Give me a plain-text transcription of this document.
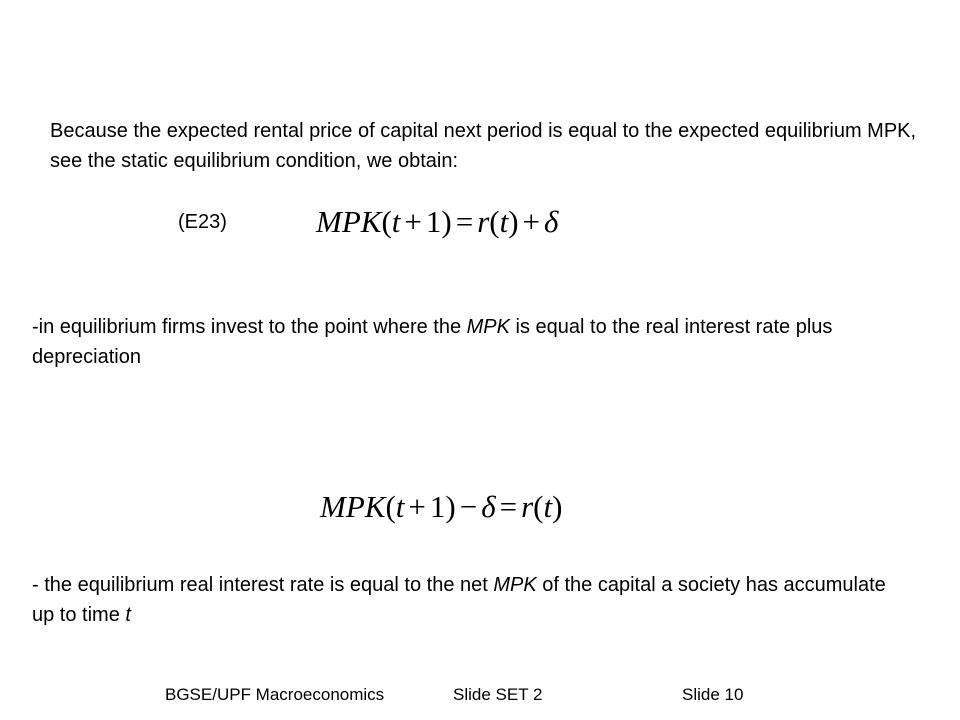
Because the expected rental price of capital next period is equal to the expected equilibrium MPK, see the static equilibrium condition, we obtain:

(E23)	MPK(t + 1) = r(t) + δ

-in equilibrium firms invest to the point where the MPK is equal to the real interest rate plus depreciation

MPK(t + 1) − δ = r(t)

- the equilibrium real interest rate is equal to the net MPK of the capital a society has accumulate up to time t

BGSE/UPF Macroeconomics	Slide SET 2	Slide 10
